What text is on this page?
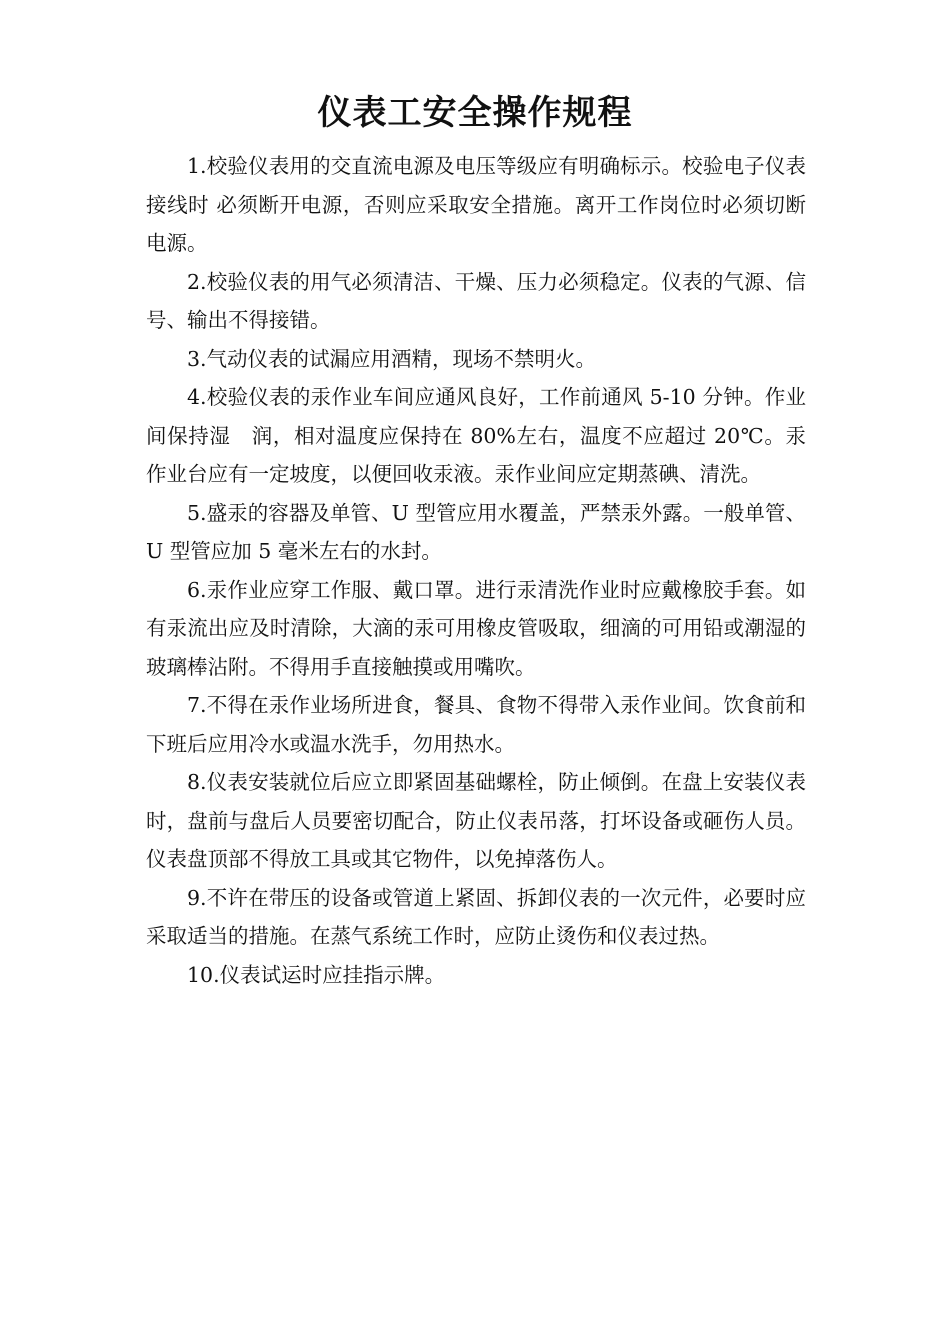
仪表工安全操作规程

1.校验仪表用的交直流电源及电压等级应有明确标示。校验电子仪表接线时 必须断开电源，否则应采取安全措施。离开工作岗位时必须切断电源。

2.校验仪表的用气必须清洁、干燥、压力必须稳定。仪表的气源、信号、输出不得接错。

3.气动仪表的试漏应用酒精，现场不禁明火。

4.校验仪表的汞作业车间应通风良好，工作前通风 5-10 分钟。作业间保持湿　润，相对温度应保持在 80%左右，温度不应超过 20℃。汞作业台应有一定坡度，以便回收汞液。汞作业间应定期蒸碘、清洗。

5.盛汞的容器及单管、U 型管应用水覆盖，严禁汞外露。一般单管、U 型管应加 5 毫米左右的水封。

6.汞作业应穿工作服、戴口罩。进行汞清洗作业时应戴橡胶手套。如有汞流出应及时清除，大滴的汞可用橡皮管吸取，细滴的可用铅或潮湿的玻璃棒沾附。不得用手直接触摸或用嘴吹。

7.不得在汞作业场所进食，餐具、食物不得带入汞作业间。饮食前和下班后应用冷水或温水洗手，勿用热水。

8.仪表安装就位后应立即紧固基础螺栓，防止倾倒。在盘上安装仪表时，盘前与盘后人员要密切配合，防止仪表吊落，打坏设备或砸伤人员。仪表盘顶部不得放工具或其它物件，以免掉落伤人。

9.不许在带压的设备或管道上紧固、拆卸仪表的一次元件，必要时应采取适当的措施。在蒸气系统工作时，应防止烫伤和仪表过热。

10.仪表试运时应挂指示牌。
